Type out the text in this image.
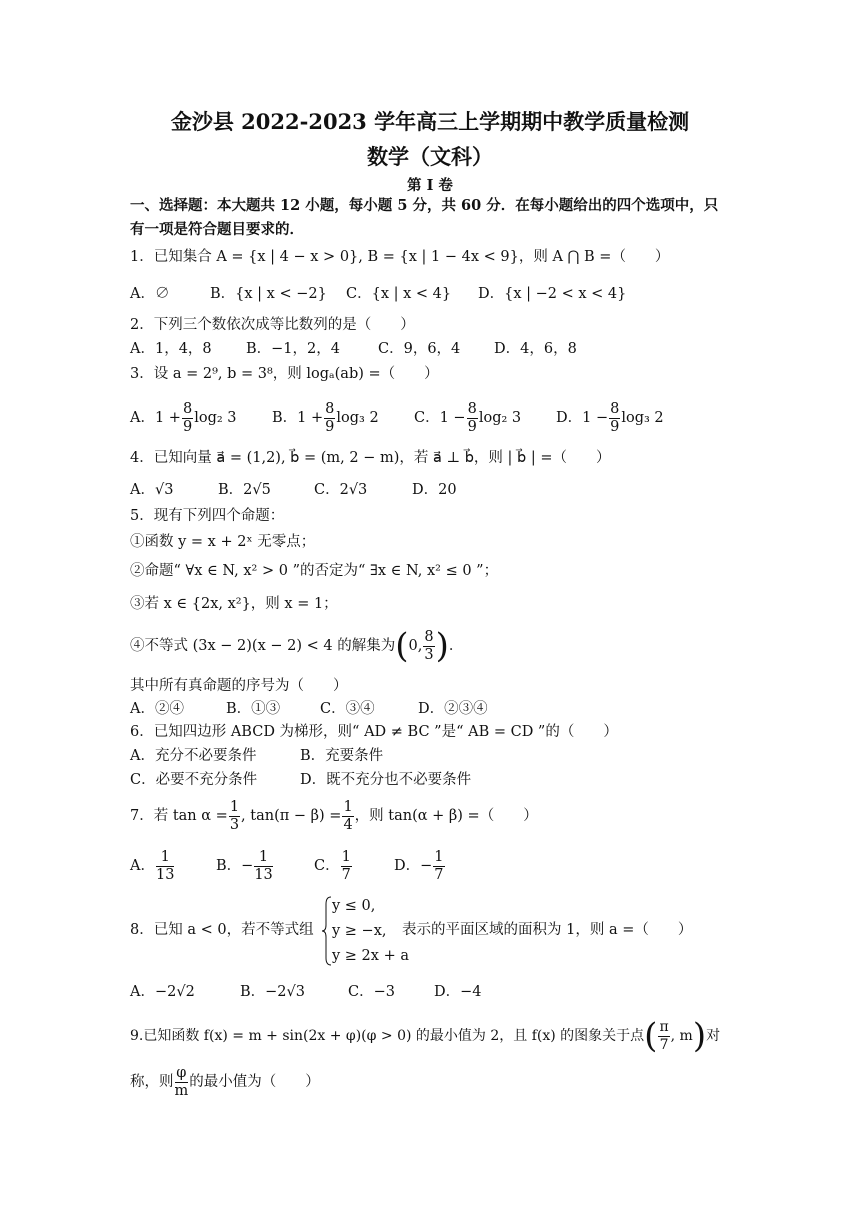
金沙县 2022-2023 学年高三上学期期中教学质量检测
数学（文科）
第 I 卷
一、选择题：本大题共 12 小题，每小题 5 分，共 60 分．在每小题给出的四个选项中，只
有一项是符合题目要求的．
1．已知集合 A = {x | 4 − x > 0}, B = {x | 1 − 4x < 9}，则 A ⋂ B =（　　）
A．∅	B．{x | x < −2} C．{x | x < 4} D．{x | −2 < x < 4}
2．下列三个数依次成等比数列的是（　　）
A．1，4，8 B．−1，2，4	C．9，6，4 D．4，6，8
3．设 a = 2⁹, b = 3⁸，则 logₐ(ab) =（　　）
A．$1 + \frac{8}{9} \log_2$ 3 B．$1 + \frac{8}{9} \log_3$ 2 C．$1 - \frac{8}{9} \log_2$ 3 D．$1 - \frac{8}{9} \log_3$ 2
4．已知向量 a⃗ = (1,2), b⃗ = (m, 2 − m)，若 a⃗ ⊥ b⃗，则 | b⃗ | =（　　）
A．√3	B．2√5	C．2√3	D．20
5．现有下列四个命题：
①函数 y = x + 2ˣ 无零点；
②命题“ ∀x ∈ N, x² > 0 ”的否定为“ ∃x ∈ N, x² ≤ 0 ”；
③若 x ∈ {2x, x²}，则 x = 1；
④不等式 (3x − 2)(x − 2) < 4 的解集为(0, $\frac{8}{3}$ )．
其中所有真命题的序号为（　　）
A．②④	B．①③	C．③④	D．②③④
6．已知四边形 ABCD 为梯形，则“ AD ≠ BC ”是“ AB = CD ”的（　　）
A．充分不必要条件	B．充要条件
C．必要不充分条件	D．既不充分也不必要条件
7．若 $\tan \alpha = \frac{1}{3}$ , $\tan(\pi - \beta) = \frac{1}{4}$ ，则 tan(α + β) =（　　）
A． $\frac{1}{13}$	B．− $\frac{1}{13}$	C． $\frac{1}{7}$	D．− $\frac{1}{7}$
8．已知 a < 0，若不等式组
y ≤ 0,
y ≥ −x,
y ≥ 2x + a
表示的平面区域的面积为 1，则 a =（　　）
A．−2√2	B．−2√3	C．−3	D．−4
9.已知函数 f(x) = m + sin(2x + φ)(φ > 0) 的最小值为 2，且 f(x) 的图象关于点( $\frac{\pi}{7}$ , m)对
称，则 $\frac{\varphi}{m}$ 的最小值为（　　）
